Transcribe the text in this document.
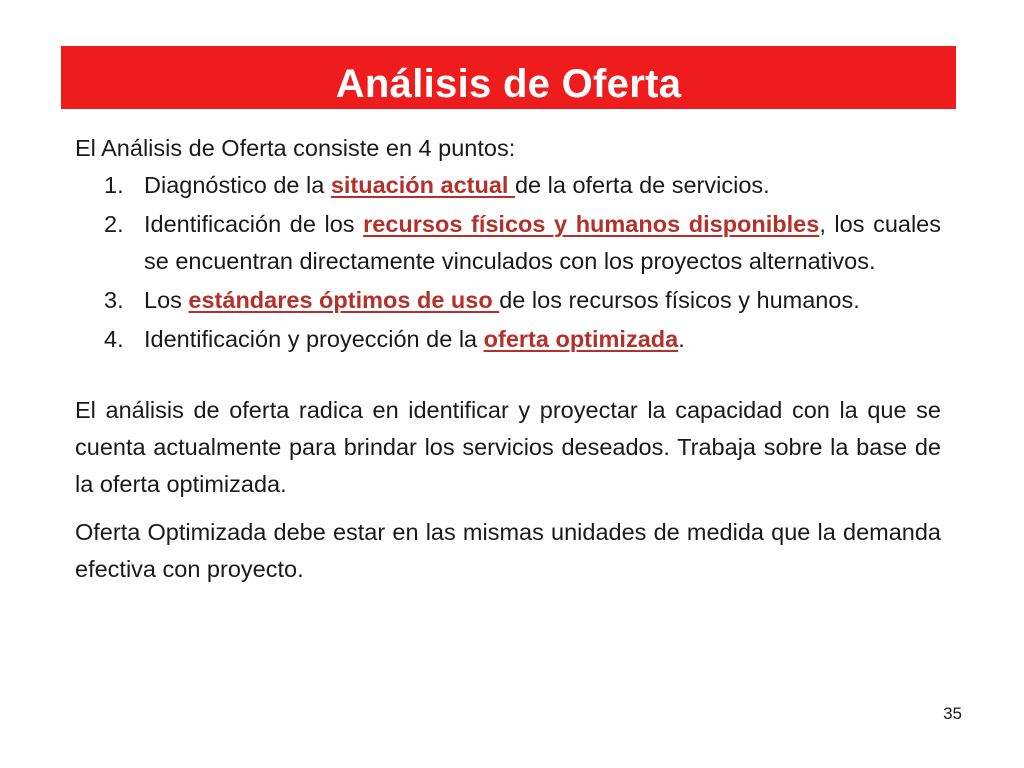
Análisis de Oferta

El Análisis de Oferta consiste en 4 puntos:

1. Diagnóstico de la situación actual de la oferta de servicios.
2. Identificación de los recursos físicos y humanos disponibles, los cuales se encuentran directamente vinculados con los proyectos alternativos.
3. Los estándares óptimos de uso de los recursos físicos y humanos.
4. Identificación y proyección de la oferta optimizada.

El análisis de oferta radica en identificar y proyectar la capacidad con la que se cuenta actualmente para brindar los servicios deseados. Trabaja sobre la base de la oferta optimizada.

Oferta Optimizada debe estar en las mismas unidades de medida que la demanda efectiva con proyecto.

35
